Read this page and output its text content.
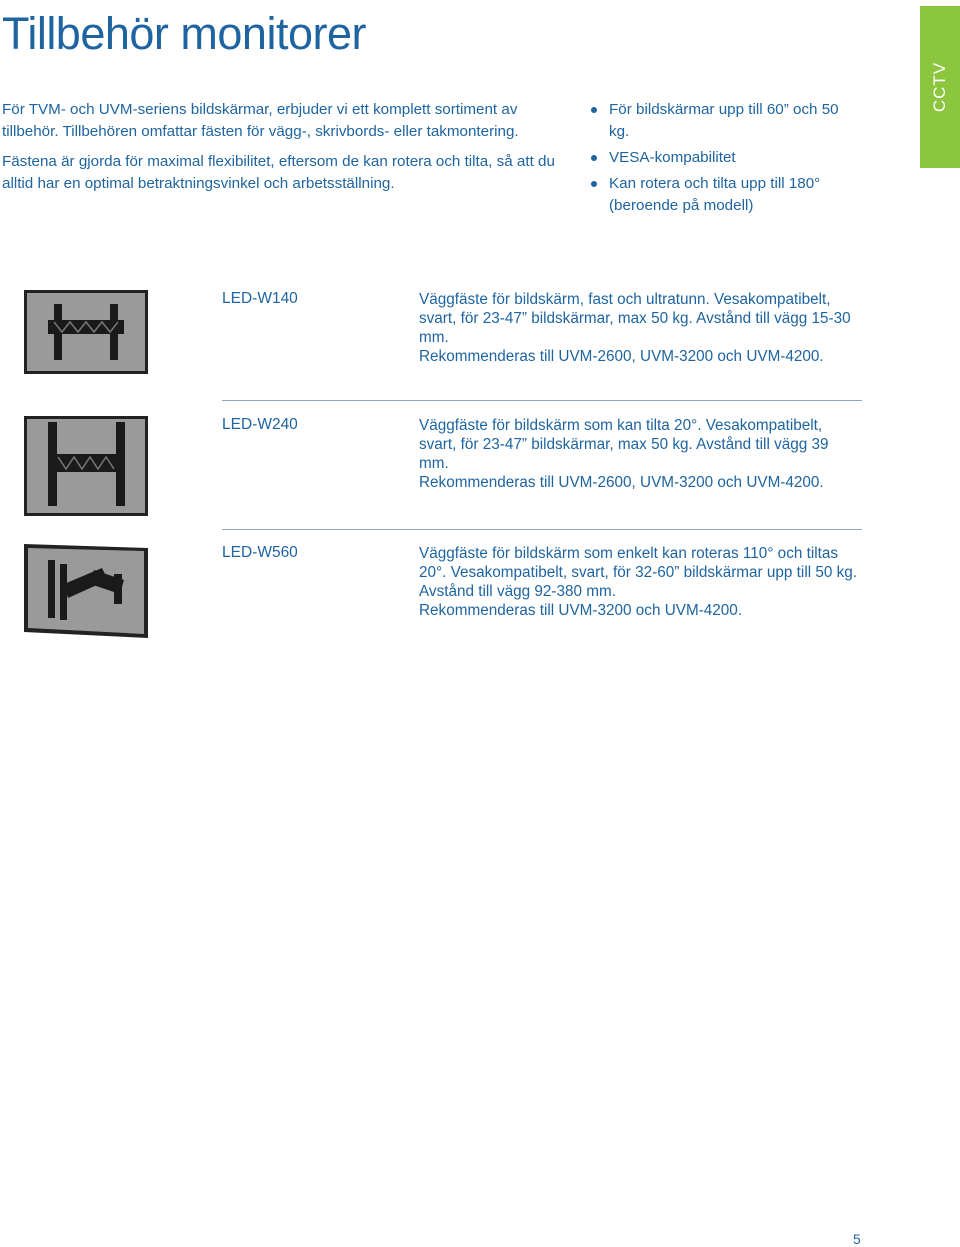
Tillbehör monitorer
CCTV

För TVM- och UVM-seriens bildskärmar, erbjuder vi ett komplett sortiment av tillbehör. Tillbehören omfattar fästen för vägg-, skrivbords- eller takmontering.

Fästena är gjorda för maximal flexibilitet, eftersom de kan rotera och tilta, så att du alltid har en optimal betraktningsvinkel och arbetsställning.

För bildskärmar upp till 60” och 50 kg.
VESA-kompabilitet
Kan rotera och tilta upp till 180° (beroende på modell)
LED-W140	Väggfäste för bildskärm, fast och ultratunn. Vesakompatibelt, svart, för 23-47” bildskärmar, max 50 kg. Avstånd till vägg 15-30 mm.

Rekommenderas till UVM-2600, UVM-3200 och UVM-4200.

LED-W240	Väggfäste för bildskärm som kan tilta 20°. Vesakompatibelt, svart, för 23-47” bildskärmar, max 50 kg. Avstånd till vägg 39 mm.

Rekommenderas till UVM-2600, UVM-3200 och UVM-4200.

LED-W560	Väggfäste för bildskärm som enkelt kan roteras 110° och tiltas 20°. Vesakompatibelt, svart, för 32-60” bildskärmar upp till 50 kg. Avstånd till vägg 92-380 mm.

Rekommenderas till UVM-3200 och UVM-4200.

5
